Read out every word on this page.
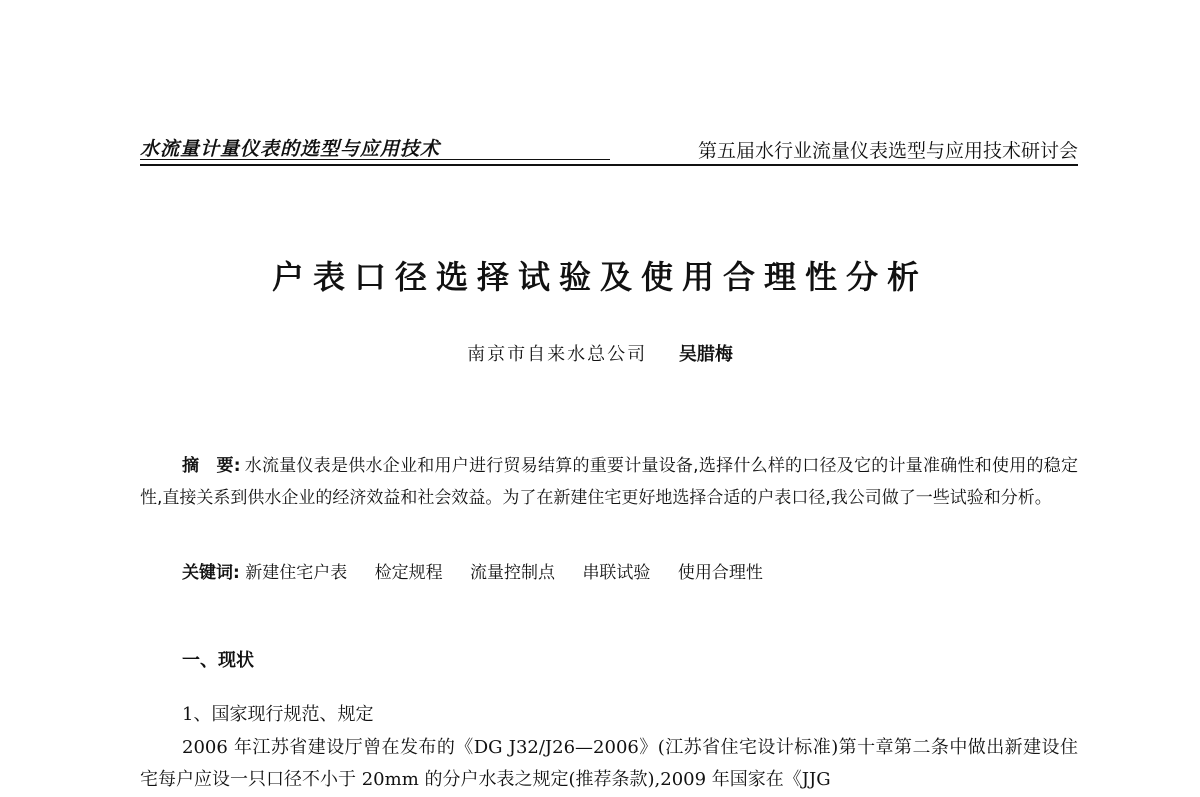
水流量计量仪表的选型与应用技术	第五届水行业流量仪表选型与应用技术研讨会
户表口径选择试验及使用合理性分析
南京市自来水总公司 吴腊梅
摘　要: 水流量仪表是供水企业和用户进行贸易结算的重要计量设备,选择什么样的口径及它的计量准确性和使用的稳定性,直接关系到供水企业的经济效益和社会效益。为了在新建住宅更好地选择合适的户表口径,我公司做了一些试验和分析。
关键词: 新建住宅户表 检定规程 流量控制点 串联试验 使用合理性
一、现状
1、国家现行规范、规定
2006 年江苏省建设厅曾在发布的《DG J32/J26—2006》(江苏省住宅设计标准)第十章第二条中做出新建设住宅每户应设一只口径不小于 20mm 的分户水表之规定(推荐条款),2009 年国家在《JJG
